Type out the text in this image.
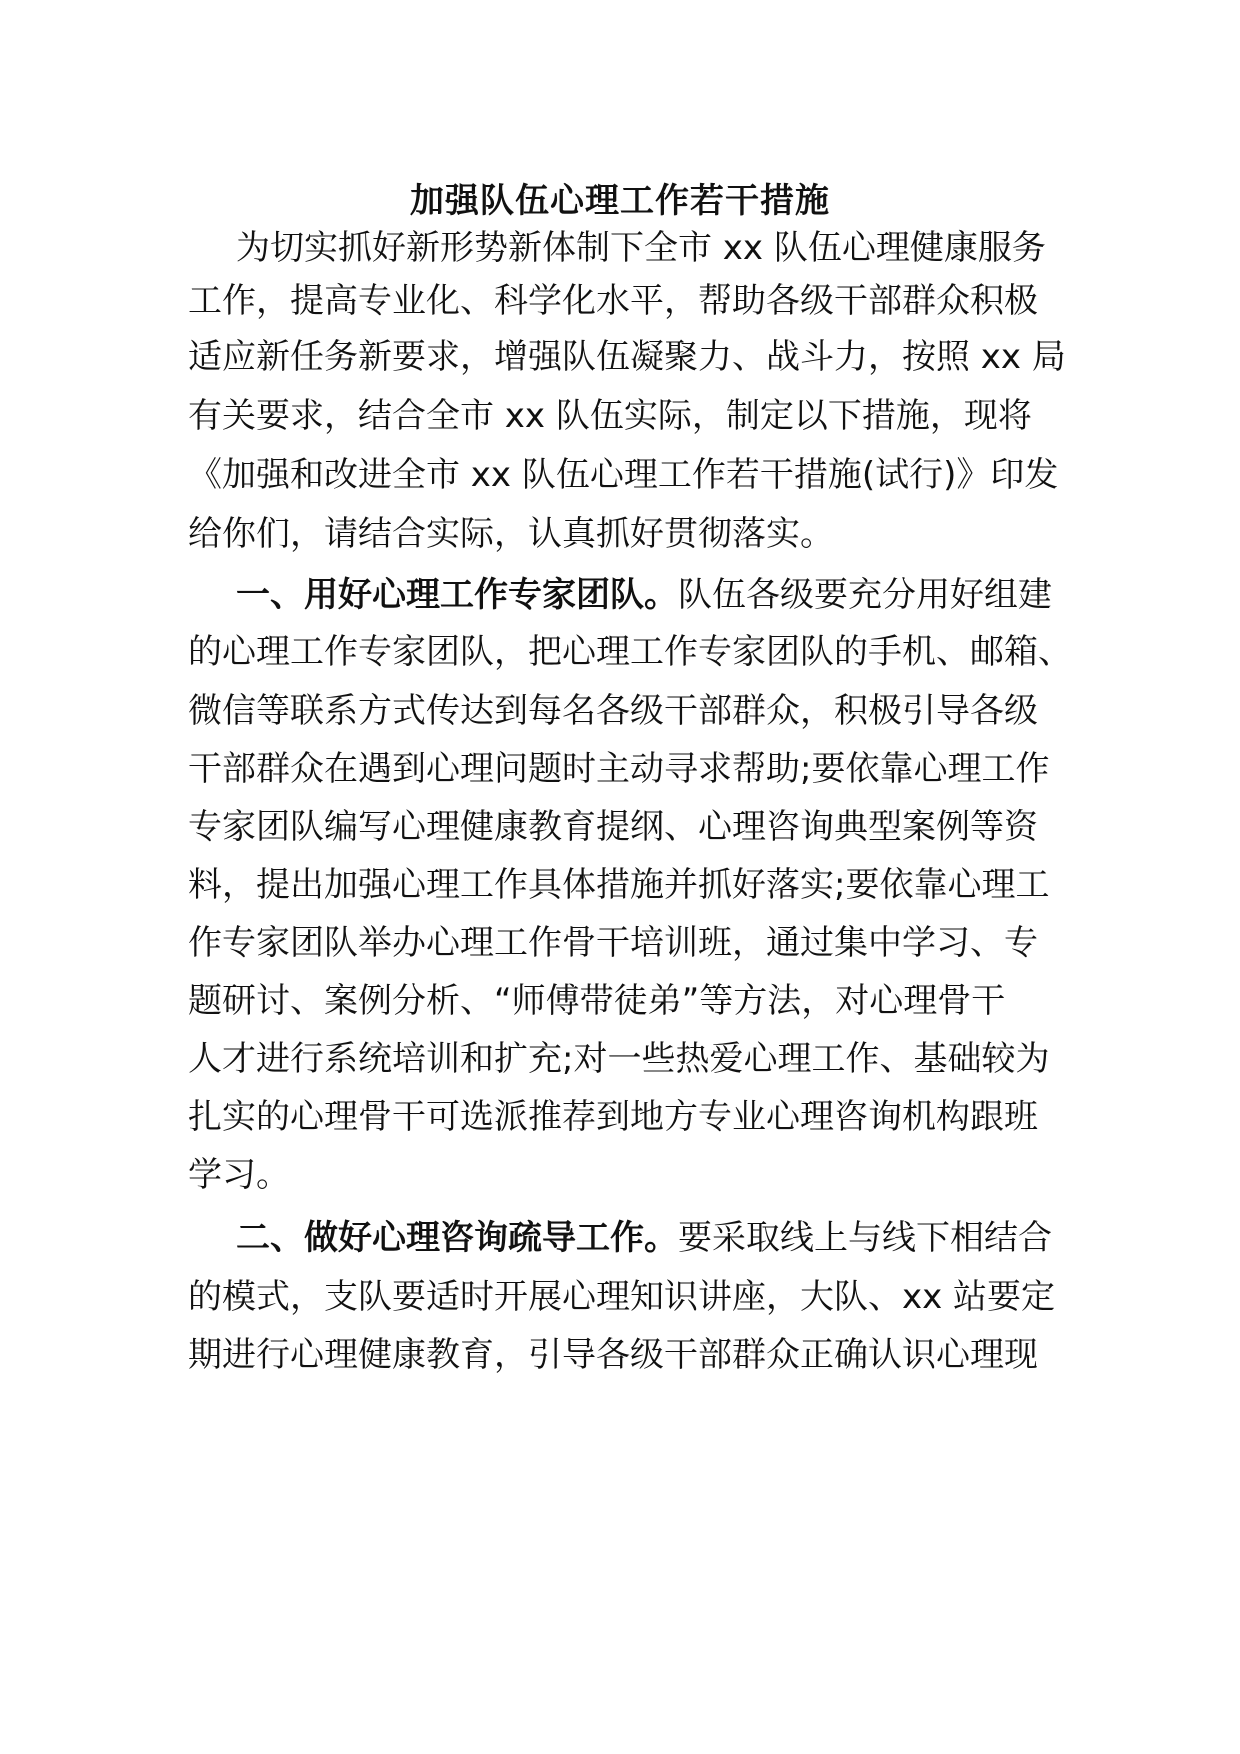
加强队伍心理工作若干措施
为切实抓好新形势新体制下全市 xx 队伍心理健康服务
工作，提高专业化、科学化水平，帮助各级干部群众积极
适应新任务新要求，增强队伍凝聚力、战斗力，按照 xx 局
有关要求，结合全市 xx 队伍实际，制定以下措施，现将
《加强和改进全市 xx 队伍心理工作若干措施(试行)》印发
给你们，请结合实际，认真抓好贯彻落实。
一、用好心理工作专家团队。队伍各级要充分用好组建
的心理工作专家团队，把心理工作专家团队的手机、邮箱、
微信等联系方式传达到每名各级干部群众，积极引导各级
干部群众在遇到心理问题时主动寻求帮助;要依靠心理工作
专家团队编写心理健康教育提纲、心理咨询典型案例等资
料，提出加强心理工作具体措施并抓好落实;要依靠心理工
作专家团队举办心理工作骨干培训班，通过集中学习、专
题研讨、案例分析、“师傅带徒弟”等方法，对心理骨干
人才进行系统培训和扩充;对一些热爱心理工作、基础较为
扎实的心理骨干可选派推荐到地方专业心理咨询机构跟班
学习。
二、做好心理咨询疏导工作。要采取线上与线下相结合
的模式，支队要适时开展心理知识讲座，大队、xx 站要定
期进行心理健康教育，引导各级干部群众正确认识心理现
